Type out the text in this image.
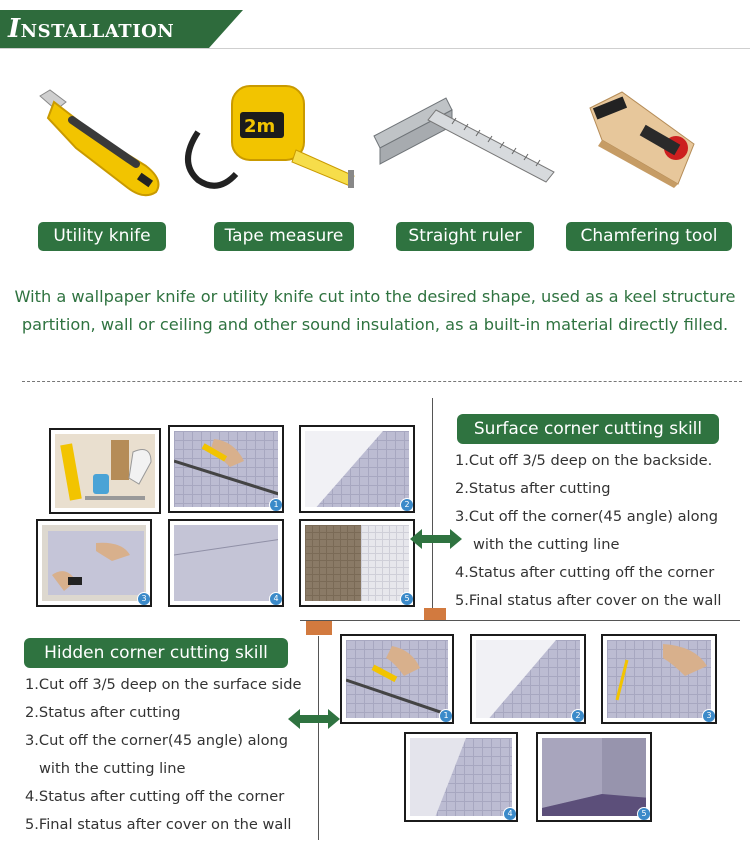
INSTALLATION
2m
Utility knife	Tape measure	Straight ruler	Chamfering tool
With a wallpaper knife or utility knife cut into the desired shape, used as a keel structure partition, wall or ceiling and other sound insulation, as a built-in material directly filled.
1	2
3	4	5
Surface corner cutting skill
1.Cut off 3/5 deep on the backside.
2.Status after cutting
3.Cut off the corner(45 angle) along
with the cutting line
4.Status after cutting off the corner
5.Final status after cover on the wall
Hidden corner cutting skill
1.Cut off 3/5 deep on the surface side
2.Status after cutting
3.Cut off the corner(45 angle) along
with the cutting line
4.Status after cutting off the corner
5.Final status after cover on the wall
1	2	3
4	5
